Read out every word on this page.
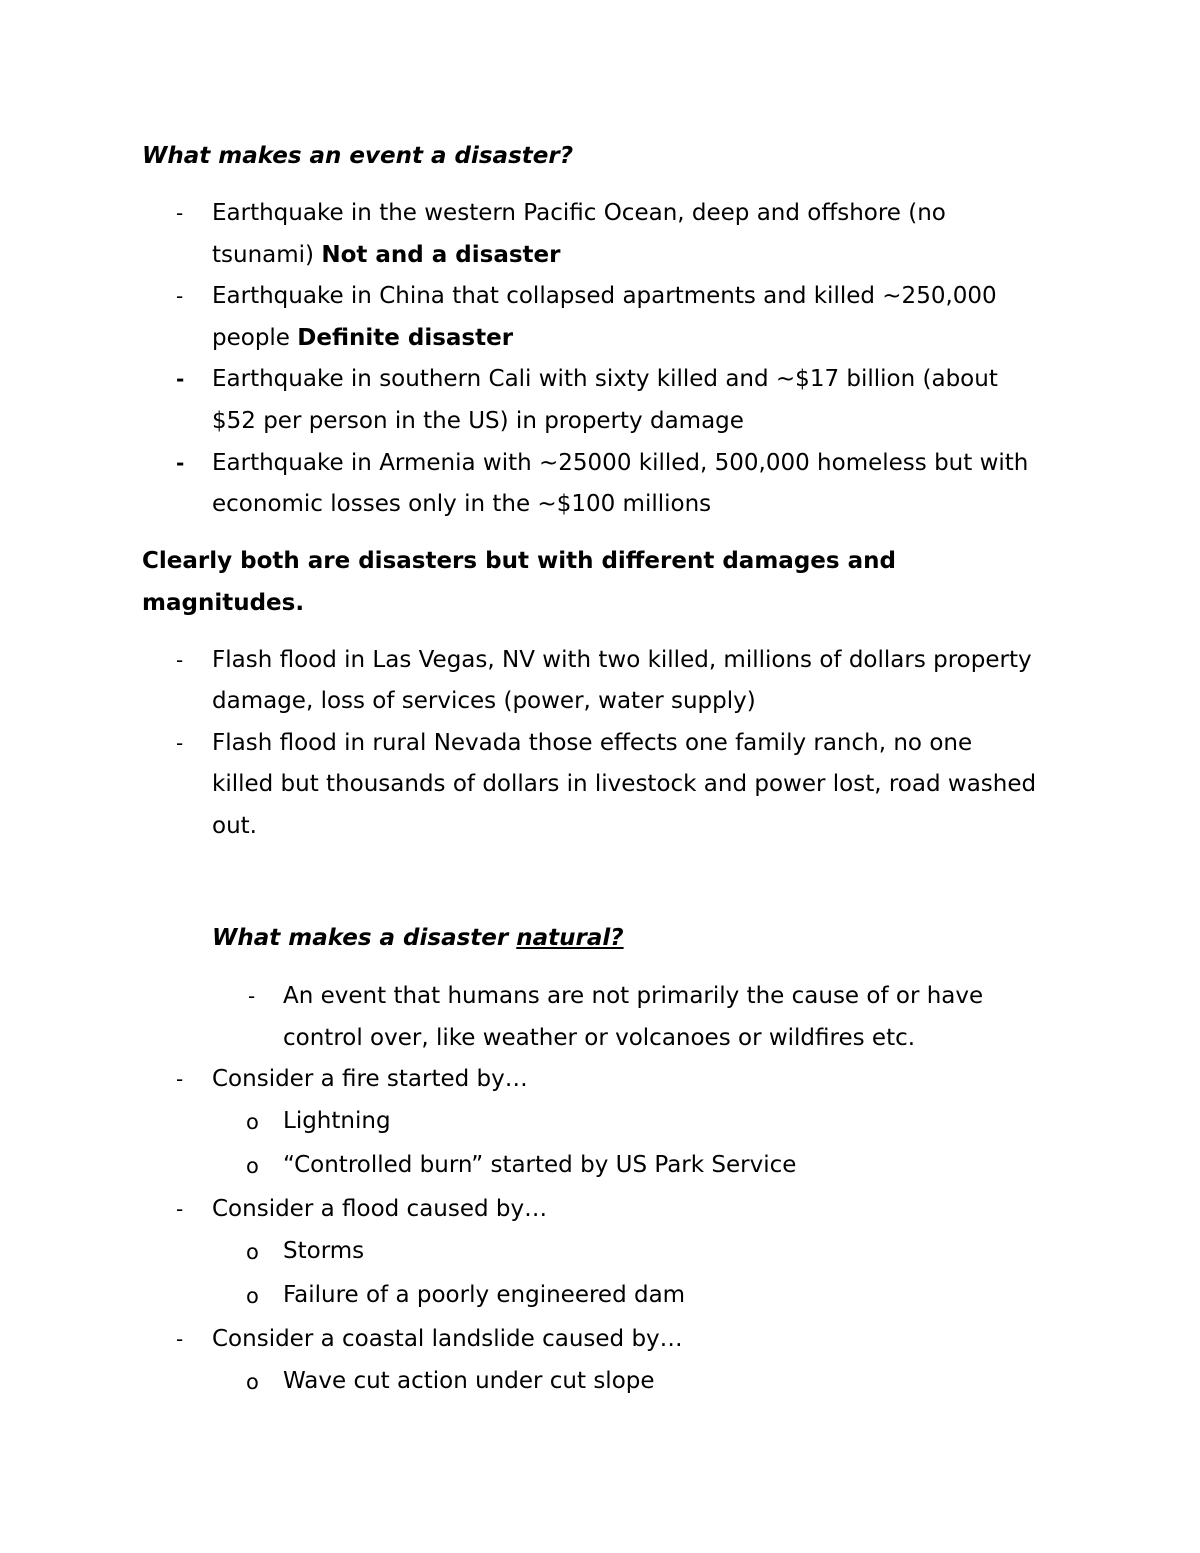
What makes an event a disaster?
- Earthquake in the western Pacific Ocean, deep and offshore (no
tsunami) Not and a disaster
- Earthquake in China that collapsed apartments and killed ~250,000
people Definite disaster
- Earthquake in southern Cali with sixty killed and ~$17 billion (about
$52 per person in the US) in property damage
- Earthquake in Armenia with ~25000 killed, 500,000 homeless but with
economic losses only in the ~$100 millions
Clearly both are disasters but with different damages and
magnitudes.
- Flash flood in Las Vegas, NV with two killed, millions of dollars property
damage, loss of services (power, water supply)
- Flash flood in rural Nevada those effects one family ranch, no one
killed but thousands of dollars in livestock and power lost, road washed
out.
What makes a disaster natural?
- An event that humans are not primarily the cause of or have
control over, like weather or volcanoes or wildfires etc.
- Consider a fire started by…
o Lightning
o “Controlled burn” started by US Park Service
- Consider a flood caused by…
o Storms
o Failure of a poorly engineered dam
- Consider a coastal landslide caused by…
o Wave cut action under cut slope
